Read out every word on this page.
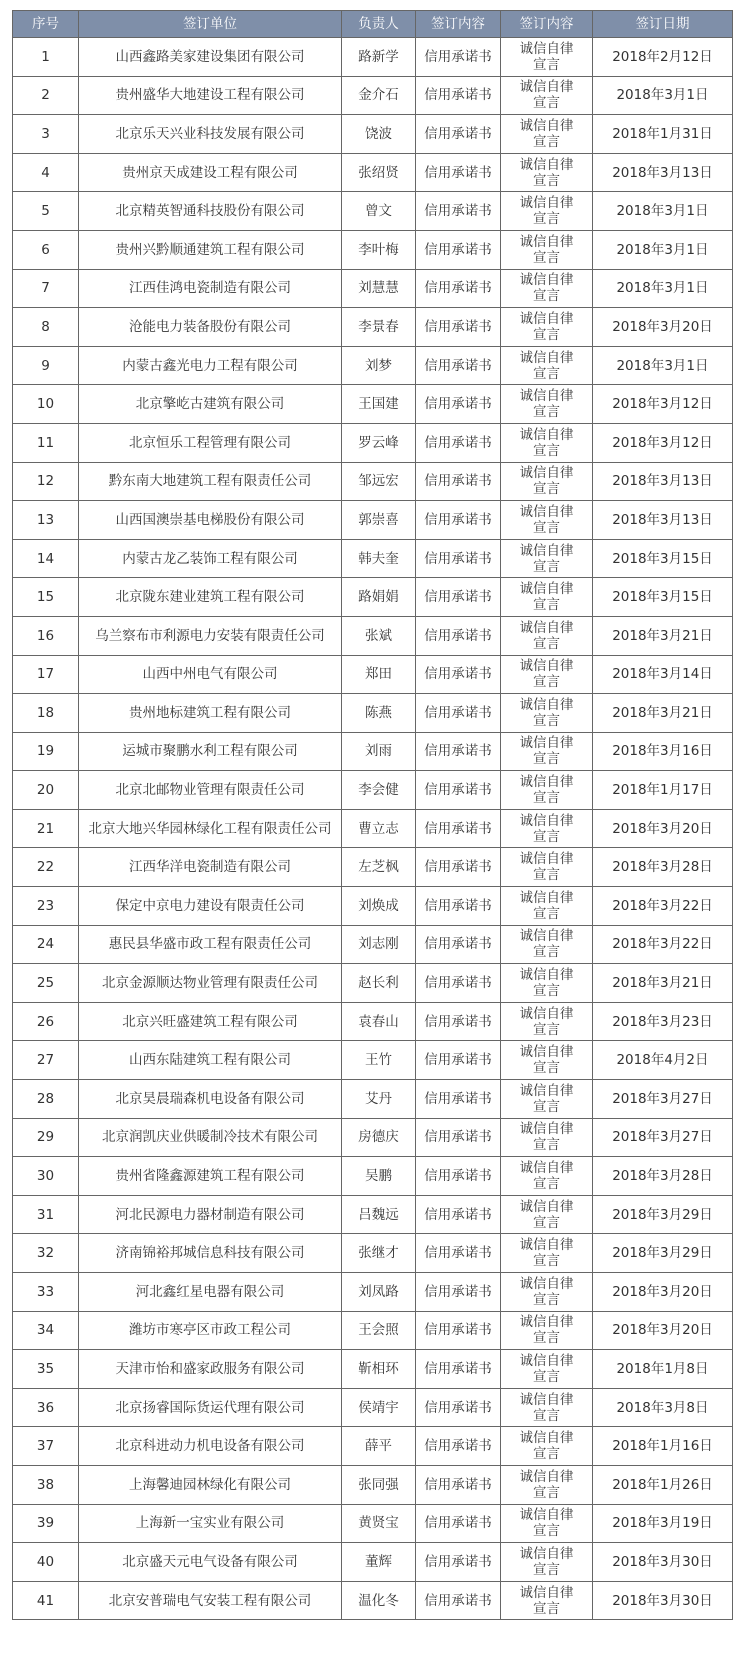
序号	签订单位	负责人	签订内容	签订内容	签订日期
1	山西鑫路美家建设集团有限公司	路新学	信用承诺书	诚信自律宣言	2018年2月12日
2	贵州盛华大地建设工程有限公司	金介石	信用承诺书	诚信自律宣言	2018年3月1日
3	北京乐天兴业科技发展有限公司	饶波	信用承诺书	诚信自律宣言	2018年1月31日
4	贵州京天成建设工程有限公司	张绍贤	信用承诺书	诚信自律宣言	2018年3月13日
5	北京精英智通科技股份有限公司	曾文	信用承诺书	诚信自律宣言	2018年3月1日
6	贵州兴黔顺通建筑工程有限公司	李叶梅	信用承诺书	诚信自律宣言	2018年3月1日
7	江西佳鸿电瓷制造有限公司	刘慧慧	信用承诺书	诚信自律宣言	2018年3月1日
8	沧能电力装备股份有限公司	李景春	信用承诺书	诚信自律宣言	2018年3月20日
9	内蒙古鑫光电力工程有限公司	刘梦	信用承诺书	诚信自律宣言	2018年3月1日
10	北京擎屹古建筑有限公司	王国建	信用承诺书	诚信自律宣言	2018年3月12日
11	北京恒乐工程管理有限公司	罗云峰	信用承诺书	诚信自律宣言	2018年3月12日
12	黔东南大地建筑工程有限责任公司	邹远宏	信用承诺书	诚信自律宣言	2018年3月13日
13	山西国澳崇基电梯股份有限公司	郭崇喜	信用承诺书	诚信自律宣言	2018年3月13日
14	内蒙古龙乙装饰工程有限公司	韩夫奎	信用承诺书	诚信自律宣言	2018年3月15日
15	北京陇东建业建筑工程有限公司	路娟娟	信用承诺书	诚信自律宣言	2018年3月15日
16	乌兰察布市利源电力安装有限责任公司	张斌	信用承诺书	诚信自律宣言	2018年3月21日
17	山西中州电气有限公司	郑田	信用承诺书	诚信自律宣言	2018年3月14日
18	贵州地标建筑工程有限公司	陈燕	信用承诺书	诚信自律宣言	2018年3月21日
19	运城市聚鹏水利工程有限公司	刘雨	信用承诺书	诚信自律宣言	2018年3月16日
20	北京北邮物业管理有限责任公司	李会健	信用承诺书	诚信自律宣言	2018年1月17日
21	北京大地兴华园林绿化工程有限责任公司	曹立志	信用承诺书	诚信自律宣言	2018年3月20日
22	江西华洋电瓷制造有限公司	左芝枫	信用承诺书	诚信自律宣言	2018年3月28日
23	保定中京电力建设有限责任公司	刘焕成	信用承诺书	诚信自律宣言	2018年3月22日
24	惠民县华盛市政工程有限责任公司	刘志刚	信用承诺书	诚信自律宣言	2018年3月22日
25	北京金源顺达物业管理有限责任公司	赵长利	信用承诺书	诚信自律宣言	2018年3月21日
26	北京兴旺盛建筑工程有限公司	袁春山	信用承诺书	诚信自律宣言	2018年3月23日
27	山西东陆建筑工程有限公司	王竹	信用承诺书	诚信自律宣言	2018年4月2日
28	北京昊晨瑞森机电设备有限公司	艾丹	信用承诺书	诚信自律宣言	2018年3月27日
29	北京润凯庆业供暖制冷技术有限公司	房德庆	信用承诺书	诚信自律宣言	2018年3月27日
30	贵州省隆鑫源建筑工程有限公司	吴鹏	信用承诺书	诚信自律宣言	2018年3月28日
31	河北民源电力器材制造有限公司	吕魏远	信用承诺书	诚信自律宣言	2018年3月29日
32	济南锦裕邦城信息科技有限公司	张继才	信用承诺书	诚信自律宣言	2018年3月29日
33	河北鑫红星电器有限公司	刘凤路	信用承诺书	诚信自律宣言	2018年3月20日
34	潍坊市寒亭区市政工程公司	王会照	信用承诺书	诚信自律宣言	2018年3月20日
35	天津市怡和盛家政服务有限公司	靳相环	信用承诺书	诚信自律宣言	2018年1月8日
36	北京扬睿国际货运代理有限公司	侯靖宇	信用承诺书	诚信自律宣言	2018年3月8日
37	北京科进动力机电设备有限公司	薛平	信用承诺书	诚信自律宣言	2018年1月16日
38	上海馨迪园林绿化有限公司	张同强	信用承诺书	诚信自律宣言	2018年1月26日
39	上海新一宝实业有限公司	黄贤宝	信用承诺书	诚信自律宣言	2018年3月19日
40	北京盛天元电气设备有限公司	董辉	信用承诺书	诚信自律宣言	2018年3月30日
41	北京安普瑞电气安装工程有限公司	温化冬	信用承诺书	诚信自律宣言	2018年3月30日
